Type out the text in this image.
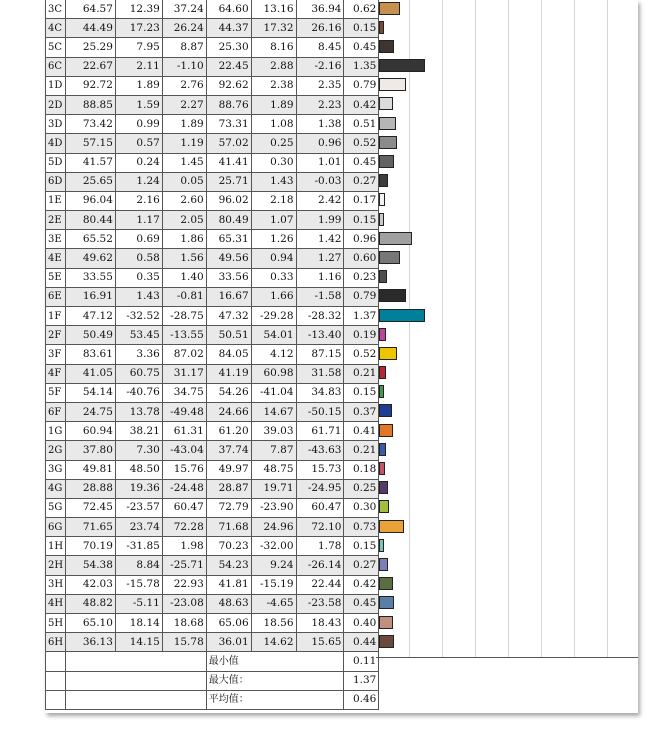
3C	64.57	12.39	37.24	64.60	13.16	36.94	0.62	

4C	44.49	17.23	26.24	44.37	17.32	26.16	0.15	

5C	25.29	7.95	8.87	25.30	8.16	8.45	0.45	

6C	22.67	2.11	-1.10	22.45	2.88	-2.16	1.35	

1D	92.72	1.89	2.76	92.62	2.38	2.35	0.79	

2D	88.85	1.59	2.27	88.76	1.89	2.23	0.42	

3D	73.42	0.99	1.89	73.31	1.08	1.38	0.51	

4D	57.15	0.57	1.19	57.02	0.25	0.96	0.52	

5D	41.57	0.24	1.45	41.41	0.30	1.01	0.45	

6D	25.65	1.24	0.05	25.71	1.43	-0.03	0.27	

1E	96.04	2.16	2.60	96.02	2.18	2.42	0.17	

2E	80.44	1.17	2.05	80.49	1.07	1.99	0.15	

3E	65.52	0.69	1.86	65.31	1.26	1.42	0.96	

4E	49.62	0.58	1.56	49.56	0.94	1.27	0.60	

5E	33.55	0.35	1.40	33.56	0.33	1.16	0.23	

6E	16.91	1.43	-0.81	16.67	1.66	-1.58	0.79	

1F	47.12	-32.52	-28.75	47.32	-29.28	-28.32	1.37	

2F	50.49	53.45	-13.55	50.51	54.01	-13.40	0.19	

3F	83.61	3.36	87.02	84.05	4.12	87.15	0.52	

4F	41.05	60.75	31.17	41.19	60.98	31.58	0.21	

5F	54.14	-40.76	34.75	54.26	-41.04	34.83	0.15	

6F	24.75	13.78	-49.48	24.66	14.67	-50.15	0.37	

1G	60.94	38.21	61.31	61.20	39.03	61.71	0.41	

2G	37.80	7.30	-43.04	37.74	7.87	-43.63	0.21	

3G	49.81	48.50	15.76	49.97	48.75	15.73	0.18	

4G	28.88	19.36	-24.48	28.87	19.71	-24.95	0.25	

5G	72.45	-23.57	60.47	72.79	-23.90	60.47	0.30	

6G	71.65	23.74	72.28	71.68	24.96	72.10	0.73	

1H	70.19	-31.85	1.98	70.23	-32.00	1.78	0.15	

2H	54.38	8.84	-25.71	54.23	9.24	-26.14	0.27	

3H	42.03	-15.78	22.93	41.81	-15.19	22.44	0.42	

4H	48.82	-5.11	-23.08	48.63	-4.65	-23.58	0.45	

5H	65.10	18.14	18.68	65.06	18.56	18.43	0.40	

6H	36.13	14.15	15.78	36.01	14.62	15.65	0.44	

				最小值			0.11	
				最大值：			1.37	
				平均值：			0.46	
